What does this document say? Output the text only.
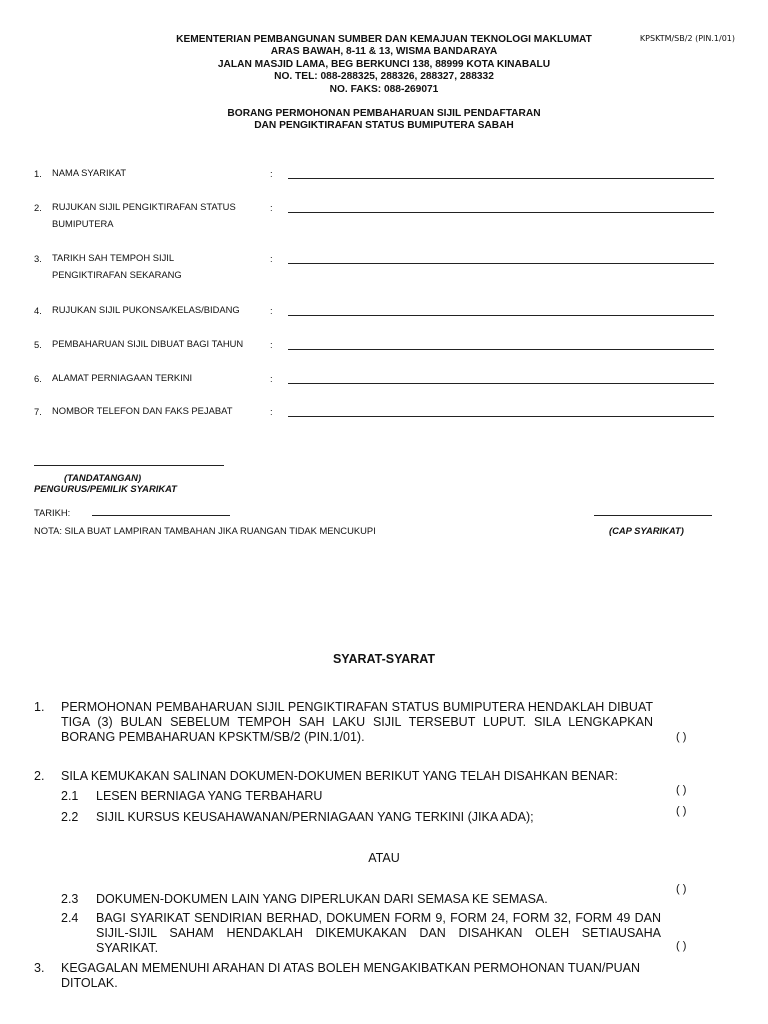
KPSKTM/SB/2 (PIN.1/01)
KEMENTERIAN PEMBANGUNAN SUMBER DAN KEMAJUAN TEKNOLOGI MAKLUMAT
ARAS BAWAH, 8-11 & 13, WISMA BANDARAYA
JALAN MASJID LAMA, BEG BERKUNCI 138, 88999 KOTA KINABALU
NO. TEL: 088-288325, 288326, 288327, 288332
NO. FAKS: 088-269071
BORANG PERMOHONAN PEMBAHARUAN SIJIL PENDAFTARAN
DAN PENGIKTIRAFAN STATUS BUMIPUTERA SABAH
1. NAMA SYARIKAT	:
2. RUJUKAN SIJIL PENGIKTIRAFAN STATUS
BUMIPUTERA
:
3. TARIKH SAH TEMPOH SIJIL
PENGIKTIRAFAN SEKARANG
:
4. RUJUKAN SIJIL PUKONSA/KELAS/BIDANG	:
5. PEMBAHARUAN SIJIL DIBUAT BAGI TAHUN	:
6. ALAMAT PERNIAGAAN TERKINI	:
7. NOMBOR TELEFON DAN FAKS PEJABAT	:
(TANDATANGAN)
PENGURUS/PEMILIK SYARIKAT
TARIKH:
NOTA: SILA BUAT LAMPIRAN TAMBAHAN JIKA RUANGAN TIDAK MENCUKUPI	(CAP SYARIKAT)
SYARAT-SYARAT
1. PERMOHONAN PEMBAHARUAN SIJIL PENGIKTIRAFAN STATUS BUMIPUTERA HENDAKLAH DIBUAT TIGA (3) BULAN SEBELUM TEMPOH SAH LAKU SIJIL TERSEBUT LUPUT. SILA LENGKAPKAN BORANG PEMBAHARUAN KPSKTM/SB/2 (PIN.1/01).	( )
2. SILA KEMUKAKAN SALINAN DOKUMEN-DOKUMEN BERIKUT YANG TELAH DISAHKAN BENAR:
2.1 LESEN BERNIAGA YANG TERBAHARU	( )
2.2 SIJIL KURSUS KEUSAHAWANAN/PERNIAGAAN YANG TERKINI (JIKA ADA);	( )
ATAU
2.3 DOKUMEN-DOKUMEN LAIN YANG DIPERLUKAN DARI SEMASA KE SEMASA.
( )
2.4 BAGI SYARIKAT SENDIRIAN BERHAD, DOKUMEN FORM 9, FORM 24, FORM 32, FORM 49 DAN SIJIL-SIJIL SAHAM HENDAKLAH DIKEMUKAKAN DAN DISAHKAN OLEH SETIAUSAHA SYARIKAT.	( )
3. KEGAGALAN MEMENUHI ARAHAN DI ATAS BOLEH MENGAKIBATKAN PERMOHONAN TUAN/PUAN DITOLAK.
